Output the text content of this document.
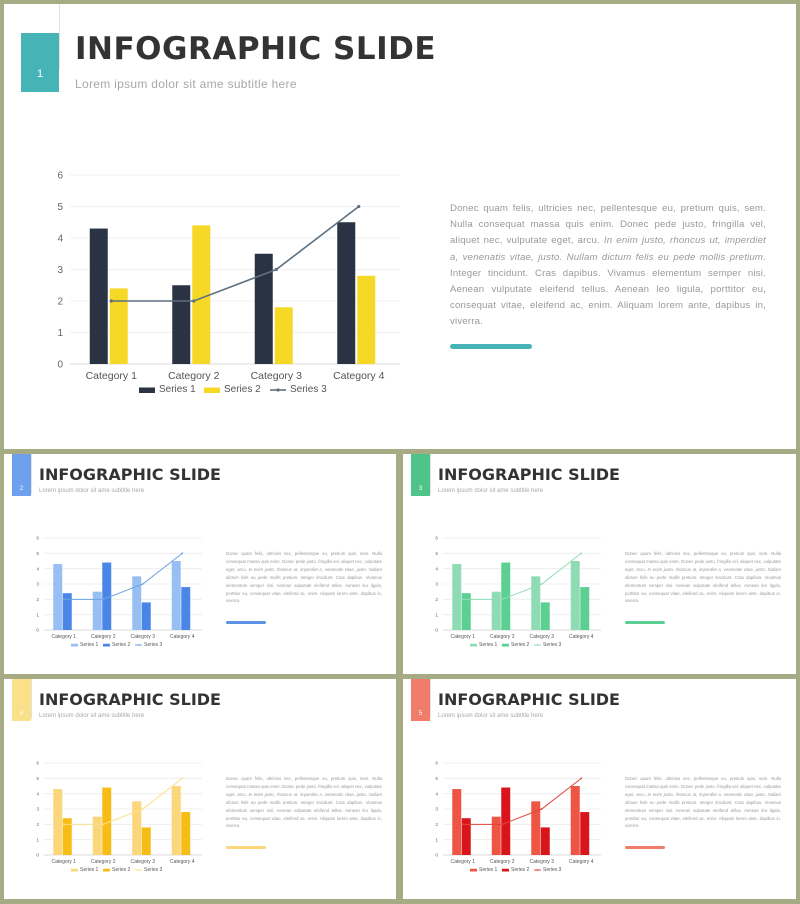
1
INFOGRAPHIC SLIDE
Lorem ipsum dolor sit ame subtitle here
Donec quam felis, ultricies nec, pellentesque eu, pretium quis, sem. Nulla consequat massa quis enim. Donec pede justo, fringilla vel, aliquet nec, vulputate eget, arcu. In enim justo, rhoncus ut, imperdiet a, venenatis vitae, justo. Nullam dictum felis eu pede mollis pretium. Integer tincidunt. Cras dapibus. Vivamus elementum semper nisi. Aenean vulputate eleifend tellus. Aenean leo ligula, porttitor eu, consequat vitae, eleifend ac, enim. Aliquam lorem ante, dapibus in, viverra.
0
1
2
3
4
5
6
Category 1	Category 2	Category 3	Category 4
Series 1	Series 2	Series 3
2
INFOGRAPHIC SLIDE
Lorem ipsum dolor sit ame subtitle here
Donec quam felis, ultricies nec, pellentesque eu, pretium quis, sem. Nulla consequat massa quis enim. Donec pede justo, fringilla vel, aliquet nec, vulputate eget, arcu. In enim justo, rhoncus ut, imperdiet a, venenatis vitae, justo. Nullam dictum felis eu pede mollis pretium. Integer tincidunt. Cras dapibus. Vivamus elementum semper nisi. Aenean vulputate eleifend tellus. Aenean leo ligula, porttitor eu, consequat vitae, eleifend ac, enim. Aliquam lorem ante, dapibus in, viverra.
0
1
2
3
4
5
6
Category 1	Category 2	Category 3	Category 4
Series 1	Series 2	Series 3
3
INFOGRAPHIC SLIDE
Lorem ipsum dolor sit ame subtitle here
Donec quam felis, ultricies nec, pellentesque eu, pretium quis, sem. Nulla consequat massa quis enim. Donec pede justo, fringilla vel, aliquet nec, vulputate eget, arcu. In enim justo, rhoncus ut, imperdiet a, venenatis vitae, justo. Nullam dictum felis eu pede mollis pretium. Integer tincidunt. Cras dapibus. Vivamus elementum semper nisi. Aenean vulputate eleifend tellus. Aenean leo ligula, porttitor eu, consequat vitae, eleifend ac, enim. Aliquam lorem ante, dapibus in, viverra.
0
1
2
3
4
5
6
Category 1	Category 2	Category 3	Category 4
Series 1	Series 2	Series 3
4
INFOGRAPHIC SLIDE
Lorem ipsum dolor sit ame subtitle here
Donec quam felis, ultricies nec, pellentesque eu, pretium quis, sem. Nulla consequat massa quis enim. Donec pede justo, fringilla vel, aliquet nec, vulputate eget, arcu. In enim justo, rhoncus ut, imperdiet a, venenatis vitae, justo. Nullam dictum felis eu pede mollis pretium. Integer tincidunt. Cras dapibus. Vivamus elementum semper nisi. Aenean vulputate eleifend tellus. Aenean leo ligula, porttitor eu, consequat vitae, eleifend ac, enim. Aliquam lorem ante, dapibus in, viverra.
0
1
2
3
4
5
6
Category 1	Category 2	Category 3	Category 4
Series 1	Series 2	Series 3
5
INFOGRAPHIC SLIDE
Lorem ipsum dolor sit ame subtitle here
Donec quam felis, ultricies nec, pellentesque eu, pretium quis, sem. Nulla consequat massa quis enim. Donec pede justo, fringilla vel, aliquet nec, vulputate eget, arcu. In enim justo, rhoncus ut, imperdiet a, venenatis vitae, justo. Nullam dictum felis eu pede mollis pretium. Integer tincidunt. Cras dapibus. Vivamus elementum semper nisi. Aenean vulputate eleifend tellus. Aenean leo ligula, porttitor eu, consequat vitae, eleifend ac, enim. Aliquam lorem ante, dapibus in, viverra.
0
1
2
3
4
5
6
Category 1	Category 2	Category 3	Category 4
Series 1	Series 2	Series 3
